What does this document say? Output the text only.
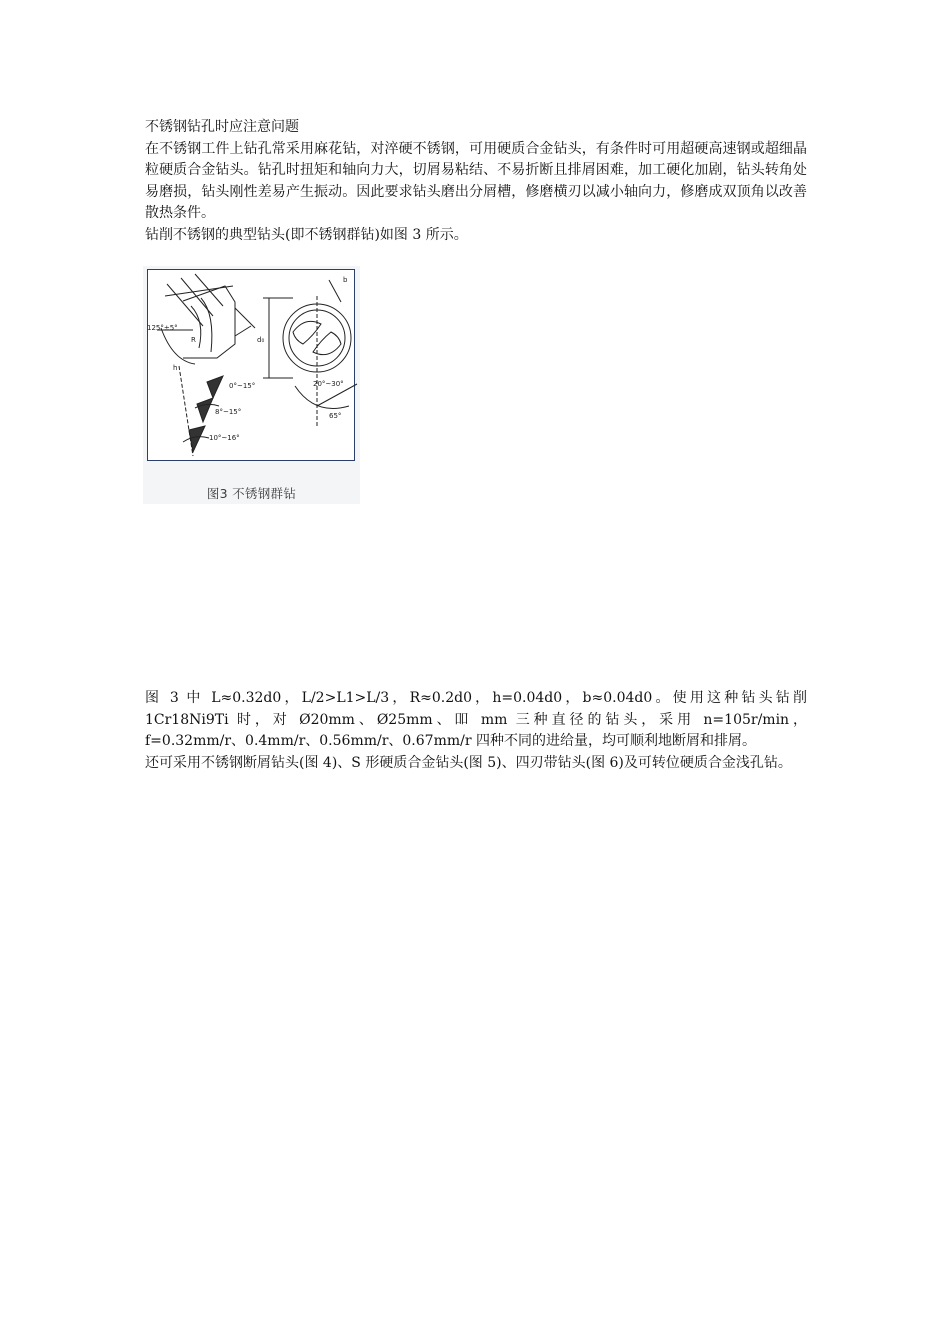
不锈钢钻孔时应注意问题

在不锈钢工件上钻孔常采用麻花钻，对淬硬不锈钢，可用硬质合金钻头，有条件时可用超硬高速钢或超细晶粒硬质合金钻头。钻孔时扭矩和轴向力大，切屑易粘结、不易折断且排屑困难，加工硬化加剧，钻头转角处易磨损，钻头刚性差易产生振动。因此要求钻头磨出分屑槽，修磨横刃以减小轴向力，修磨成双顶角以改善散热条件。

钻削不锈钢的典型钻头(即不锈钢群钻)如图 3 所示。

125°±5°
R
h
d₀
b
0°~15°
8°~15°
10°~16°
20°~30°
65°
图3 不锈钢群钻

图 3 中 L≈0.32d0，L/2>L1>L/3，R≈0.2d0，h=0.04d0，b≈0.04d0。使用这种钻头钻削 1Cr18Ni9Ti 时，对 Ø20mm、Ø25mm、吅 mm 三种直径的钻头，采用 n=105r/min，f=0.32mm/r、0.4mm/r、0.56mm/r、0.67mm/r 四种不同的进给量，均可顺利地断屑和排屑。

还可采用不锈钢断屑钻头(图 4)、S 形硬质合金钻头(图 5)、四刃带钻头(图 6)及可转位硬质合金浅孔钻。
